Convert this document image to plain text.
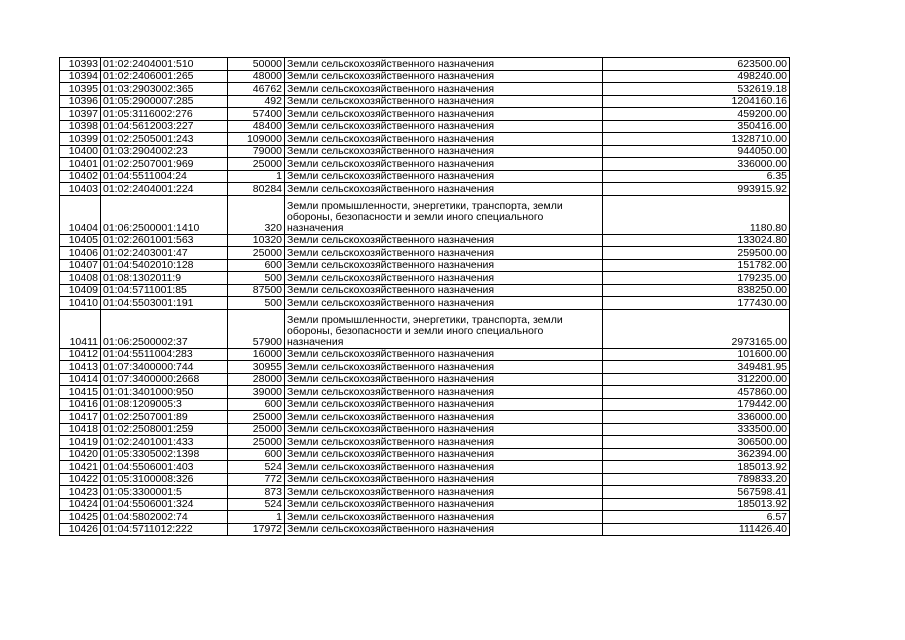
10393	01:02:2404001:510	50000	Земли сельскохозяйственного назначения	623500.00
10394	01:02:2406001:265	48000	Земли сельскохозяйственного назначения	498240.00
10395	01:03:2903002:365	46762	Земли сельскохозяйственного назначения	532619.18
10396	01:05:2900007:285	492	Земли сельскохозяйственного назначения	1204160.16
10397	01:05:3116002:276	57400	Земли сельскохозяйственного назначения	459200.00
10398	01:04:5612003:227	48400	Земли сельскохозяйственного назначения	350416.00
10399	01:02:2505001:243	109000	Земли сельскохозяйственного назначения	1328710.00
10400	01:03:2904002:23	79000	Земли сельскохозяйственного назначения	944050.00
10401	01:02:2507001:969	25000	Земли сельскохозяйственного назначения	336000.00
10402	01:04:5511004:24	1	Земли сельскохозяйственного назначения	6.35
10403	01:02:2404001:224	80284	Земли сельскохозяйственного назначения	993915.92
10404	01:06:2500001:1410	320	Земли промышленности, энергетики, транспорта, земли обороны, безопасности и земли иного специального назначения	1180.80
10405	01:02:2601001:563	10320	Земли сельскохозяйственного назначения	133024.80
10406	01:02:2403001:47	25000	Земли сельскохозяйственного назначения	259500.00
10407	01:04:5402010:128	600	Земли сельскохозяйственного назначения	151782.00
10408	01:08:1302011:9	500	Земли сельскохозяйственного назначения	179235.00
10409	01:04:5711001:85	87500	Земли сельскохозяйственного назначения	838250.00
10410	01:04:5503001:191	500	Земли сельскохозяйственного назначения	177430.00
10411	01:06:2500002:37	57900	Земли промышленности, энергетики, транспорта, земли обороны, безопасности и земли иного специального назначения	2973165.00
10412	01:04:5511004:283	16000	Земли сельскохозяйственного назначения	101600.00
10413	01:07:3400000:744	30955	Земли сельскохозяйственного назначения	349481.95
10414	01:07:3400000:2668	28000	Земли сельскохозяйственного назначения	312200.00
10415	01:01:3401000:950	39000	Земли сельскохозяйственного назначения	457860.00
10416	01:08:1209005:3	600	Земли сельскохозяйственного назначения	179442.00
10417	01:02:2507001:89	25000	Земли сельскохозяйственного назначения	336000.00
10418	01:02:2508001:259	25000	Земли сельскохозяйственного назначения	333500.00
10419	01:02:2401001:433	25000	Земли сельскохозяйственного назначения	306500.00
10420	01:05:3305002:1398	600	Земли сельскохозяйственного назначения	362394.00
10421	01:04:5506001:403	524	Земли сельскохозяйственного назначения	185013.92
10422	01:05:3100008:326	772	Земли сельскохозяйственного назначения	789833.20
10423	01:05:3300001:5	873	Земли сельскохозяйственного назначения	567598.41
10424	01:04:5506001:324	524	Земли сельскохозяйственного назначения	185013.92
10425	01:04:5802002:74	1	Земли сельскохозяйственного назначения	6.57
10426	01:04:5711012:222	17972	Земли сельскохозяйственного назначения	111426.40
